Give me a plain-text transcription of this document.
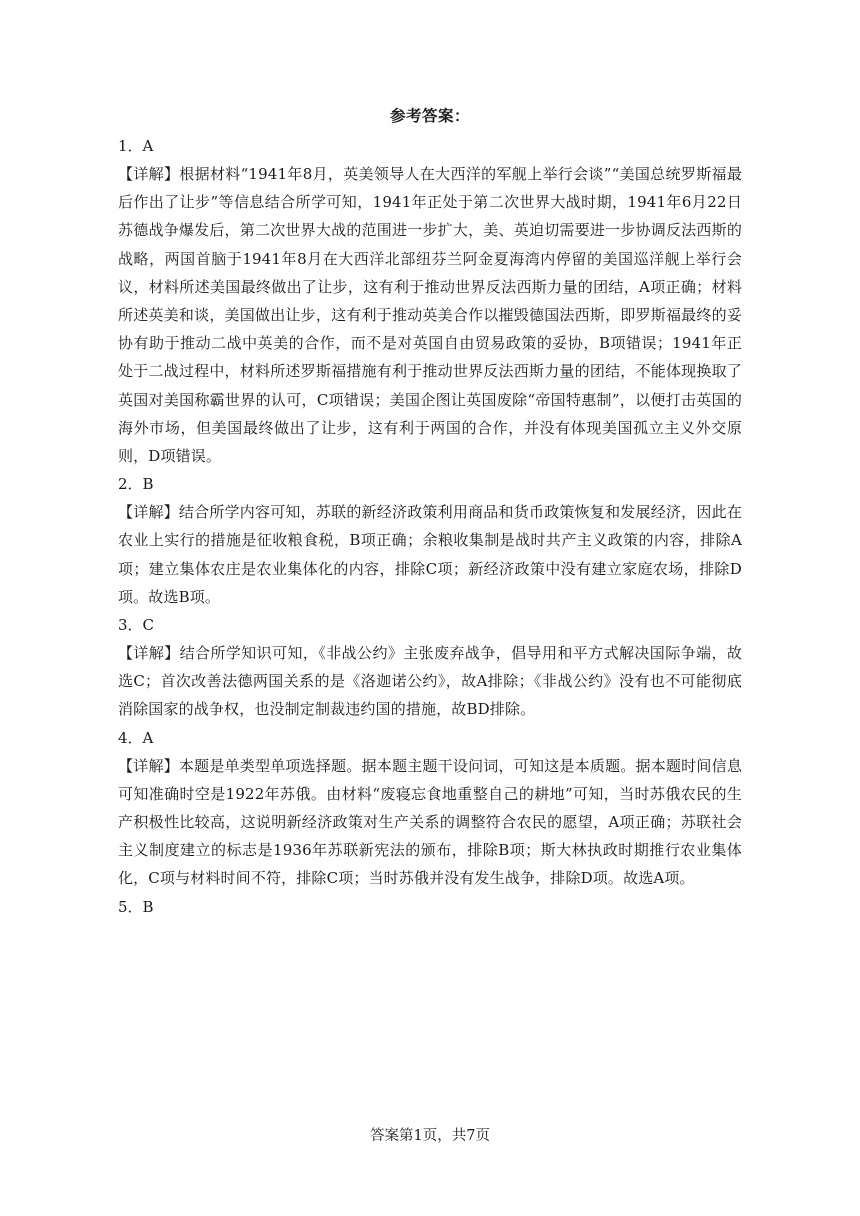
参考答案：

1．A

【详解】根据材料“1941年8月，英美领导人在大西洋的军舰上举行会谈”“美国总统罗斯福最后作出了让步”等信息结合所学可知，1941年正处于第二次世界大战时期，1941年6月22日苏德战争爆发后，第二次世界大战的范围进一步扩大，美、英迫切需要进一步协调反法西斯的战略，两国首脑于1941年8月在大西洋北部纽芬兰阿金夏海湾内停留的美国巡洋舰上举行会议，材料所述美国最终做出了让步，这有利于推动世界反法西斯力量的团结，A项正确；材料所述英美和谈，美国做出让步，这有利于推动英美合作以摧毁德国法西斯，即罗斯福最终的妥协有助于推动二战中英美的合作，而不是对英国自由贸易政策的妥协，B项错误；1941年正处于二战过程中，材料所述罗斯福措施有利于推动世界反法西斯力量的团结，不能体现换取了英国对美国称霸世界的认可，C项错误；美国企图让英国废除“帝国特惠制”，以便打击英国的海外市场，但美国最终做出了让步，这有利于两国的合作，并没有体现美国孤立主义外交原则，D项错误。

2．B

【详解】结合所学内容可知，苏联的新经济政策利用商品和货币政策恢复和发展经济，因此在农业上实行的措施是征收粮食税，B项正确；余粮收集制是战时共产主义政策的内容，排除A项；建立集体农庄是农业集体化的内容，排除C项；新经济政策中没有建立家庭农场，排除D项。故选B项。

3．C

【详解】结合所学知识可知，《非战公约》主张废弃战争，倡导用和平方式解决国际争端，故选C；首次改善法德两国关系的是《洛迦诺公约》，故A排除；《非战公约》没有也不可能彻底消除国家的战争权，也没制定制裁违约国的措施，故BD排除。

4．A

【详解】本题是单类型单项选择题。据本题主题干设问词，可知这是本质题。据本题时间信息可知准确时空是1922年苏俄。由材料“废寝忘食地重整自己的耕地”可知，当时苏俄农民的生产积极性比较高，这说明新经济政策对生产关系的调整符合农民的愿望，A项正确；苏联社会主义制度建立的标志是1936年苏联新宪法的颁布，排除B项；斯大林执政时期推行农业集体化，C项与材料时间不符，排除C项；当时苏俄并没有发生战争，排除D项。故选A项。

5．B

答案第1页，共7页
